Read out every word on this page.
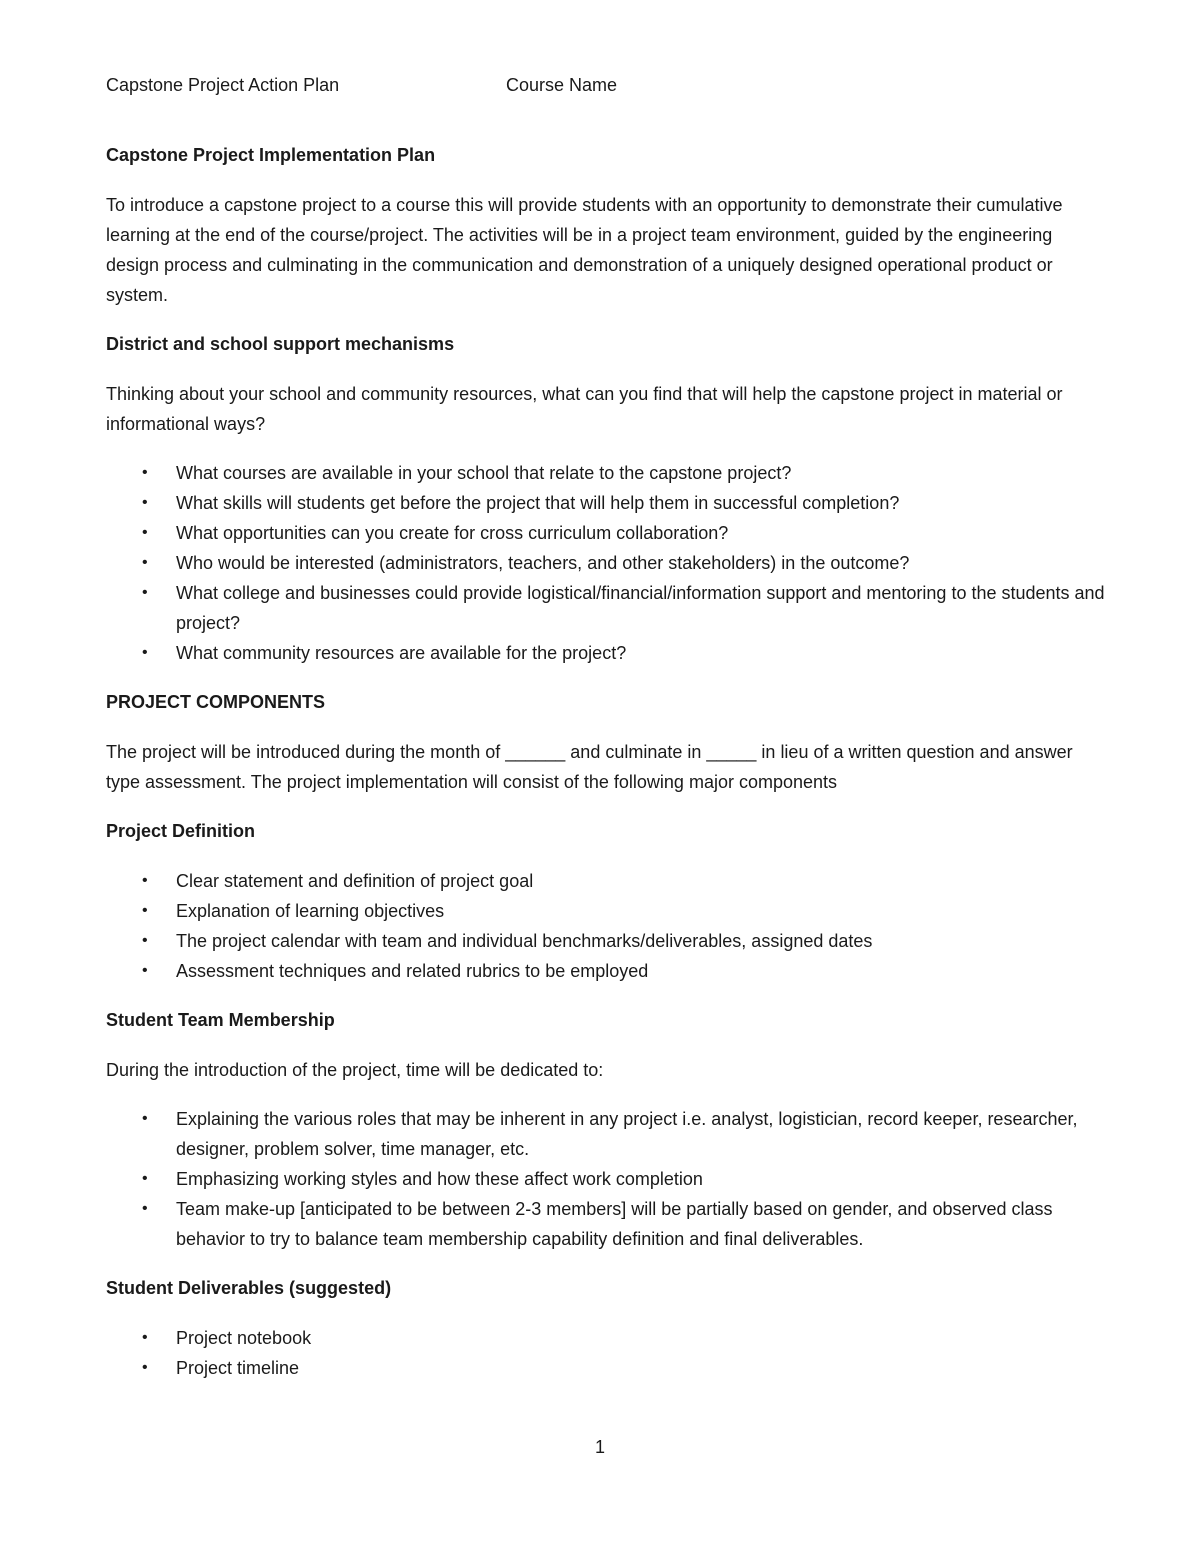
Capstone Project Action Plan	Course Name
Capstone Project Implementation Plan

To introduce a capstone project to a course this will provide students with an opportunity to demonstrate their cumulative learning at the end of the course/project. The activities will be in a project team environment, guided by the engineering design process and culminating in the communication and demonstration of a uniquely designed operational product or system.

District and school support mechanisms

Thinking about your school and community resources, what can you find that will help the capstone project in material or informational ways?

• What courses are available in your school that relate to the capstone project?
• What skills will students get before the project that will help them in successful completion?
• What opportunities can you create for cross curriculum collaboration?
• Who would be interested (administrators, teachers, and other stakeholders) in the outcome?
• What college and businesses could provide logistical/financial/information support and mentoring to the students and project?
• What community resources are available for the project?
PROJECT COMPONENTS

The project will be introduced during the month of ______ and culminate in _____ in lieu of a written question and answer type assessment. The project implementation will consist of the following major components

Project Definition
• Clear statement and definition of project goal
• Explanation of learning objectives
• The project calendar with team and individual benchmarks/deliverables, assigned dates
• Assessment techniques and related rubrics to be employed
Student Team Membership

During the introduction of the project, time will be dedicated to:

• Explaining the various roles that may be inherent in any project i.e. analyst, logistician, record keeper, researcher, designer, problem solver, time manager, etc.
• Emphasizing working styles and how these affect work completion
• Team make-up [anticipated to be between 2-3 members] will be partially based on gender, and observed class behavior to try to balance team membership capability definition and final deliverables.
Student Deliverables (suggested)
• Project notebook
• Project timeline
1
